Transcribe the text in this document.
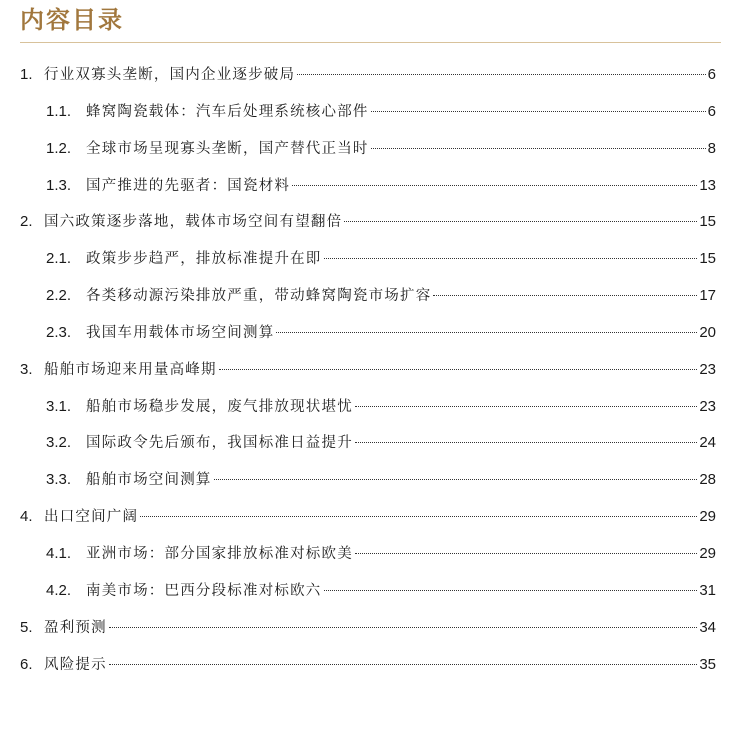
内容目录
1. 行业双寡头垄断，国内企业逐步破局	6
1.1.	蜂窝陶瓷载体：汽车后处理系统核心部件	6
1.2.	全球市场呈现寡头垄断，国产替代正当时	8
1.3.	国产推进的先驱者：国瓷材料	13
2. 国六政策逐步落地，载体市场空间有望翻倍	15
2.1.	政策步步趋严，排放标准提升在即	15
2.2.	各类移动源污染排放严重，带动蜂窝陶瓷市场扩容	17
2.3.	我国车用载体市场空间测算	20
3. 船舶市场迎来用量高峰期	23
3.1.	船舶市场稳步发展，废气排放现状堪忧	23
3.2.	国际政令先后颁布，我国标准日益提升	24
3.3.	船舶市场空间测算	28
4. 出口空间广阔	29
4.1.	亚洲市场：部分国家排放标准对标欧美	29
4.2.	南美市场：巴西分段标准对标欧六	31
5. 盈利预测	34
6. 风险提示	35
